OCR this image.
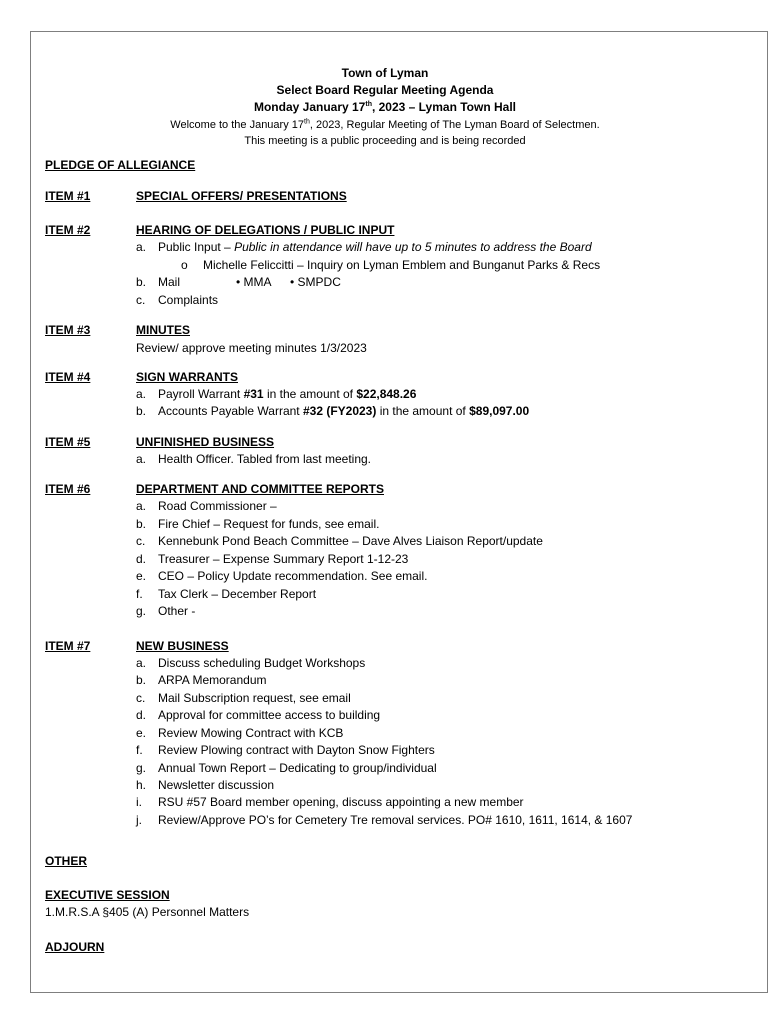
Town of Lyman
Select Board Regular Meeting Agenda
Monday January 17th, 2023 – Lyman Town Hall
Welcome to the January 17th, 2023, Regular Meeting of The Lyman Board of Selectmen.
This meeting is a public proceeding and is being recorded
PLEDGE OF ALLEGIANCE
ITEM #1	SPECIAL OFFERS/ PRESENTATIONS
ITEM #2	HEARING OF DELEGATIONS / PUBLIC INPUT
a. Public Input – Public in attendance will have up to 5 minutes to address the Board
o Michelle Feliccitti – Inquiry on Lyman Emblem and Bunganut Parks & Recs
b. Mail	• MMA • SMPDC
c. Complaints
ITEM #3	MINUTES
Review/ approve meeting minutes 1/3/2023
ITEM #4	SIGN WARRANTS
a. Payroll Warrant #31 in the amount of $22,848.26
b. Accounts Payable Warrant #32 (FY2023) in the amount of $89,097.00
ITEM #5	UNFINISHED BUSINESS
a. Health Officer. Tabled from last meeting.
ITEM #6	DEPARTMENT AND COMMITTEE REPORTS
a. Road Commissioner –
b. Fire Chief – Request for funds, see email.
c. Kennebunk Pond Beach Committee – Dave Alves Liaison Report/update
d. Treasurer – Expense Summary Report 1-12-23
e. CEO – Policy Update recommendation. See email.
f. Tax Clerk – December Report
g. Other -
ITEM #7	NEW BUSINESS
a. Discuss scheduling Budget Workshops
b. ARPA Memorandum
c. Mail Subscription request, see email
d. Approval for committee access to building
e. Review Mowing Contract with KCB
f. Review Plowing contract with Dayton Snow Fighters
g. Annual Town Report – Dedicating to group/individual
h. Newsletter discussion
i. RSU #57 Board member opening, discuss appointing a new member
j. Review/Approve PO’s for Cemetery Tre removal services. PO# 1610, 1611, 1614, & 1607
OTHER
EXECUTIVE SESSION
1.M.R.S.A §405 (A) Personnel Matters
ADJOURN
